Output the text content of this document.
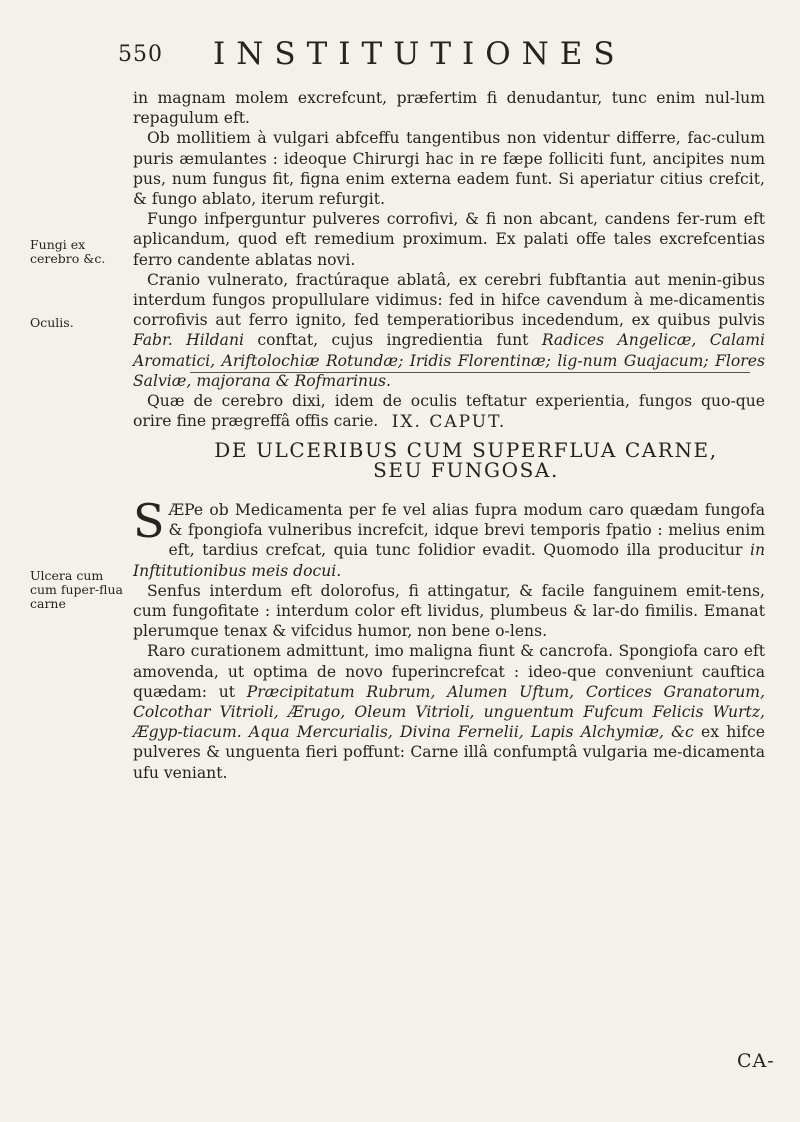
550 INSTITUTIONES

in magnam molem excrefcunt, præfertim fi denudantur, tunc enim nul-lum repagulum eft.

Ob mollitiem à vulgari abfceffu tangentibus non videntur differre, fac-culum puris æmulantes : ideoque Chirurgi hac in re fæpe folliciti funt, ancipites num pus, num fungus fit, figna enim externa eadem funt. Si aperiatur citius crefcit, & fungo ablato, iterum refurgit.

Fungo infperguntur pulveres corrofivi, & fi non abcant, candens fer-rum eft aplicandum, quod eft remedium proximum. Ex palati offe tales excrefcentias ferro candente ablatas novi.

Cranio vulnerato, fractúraque ablatâ, ex cerebri fubftantia aut menin-gibus interdum fungos propullulare vidimus: fed in hifce cavendum à me-dicamentis corrofivis aut ferro ignito, fed temperatioribus incedendum, ex quibus pulvis Fabr. Hildani conftat, cujus ingredientia funt Radices Angelicæ, Calami Aromatici, Ariftolochiæ Rotundæ; Iridis Florentinæ; lig-num Guajacum; Flores Salviæ, majorana & Rofmarinus.

Quæ de cerebro dixi, idem de oculis teftatur experientia, fungos quo-que orire fine prægreffâ offis carie.

Fungi ex cerebro &c.
Oculis.
Ulcera cum cum fuper-flua carne
IX. CAPUT.
DE ULCERIBUS CUM SUPERFLUA CARNE,
SEU FUNGOSA.

S ÆPe ob Medicamenta per fe vel alias fupra modum caro quædam fungofa & fpongiofa vulneribus increfcit, idque brevi temporis fpatio : melius enim eft, tardius crefcat, quia tunc folidior evadit. Quomodo illa producitur in Inftitutionibus meis docui.

Senfus interdum eft dolorofus, fi attingatur, & facile fanguinem emit-tens, cum fungofitate : interdum color eft lividus, plumbeus & lar-do fimilis. Emanat plerumque tenax & vifcidus humor, non bene o-lens.

Raro curationem admittunt, imo maligna fiunt & cancrofa. Spongiofa caro eft amovenda, ut optima de novo fuperincrefcat : ideo-que conveniunt cauftica quædam: ut Præcipitatum Rubrum, Alumen Uftum, Cortices Granatorum, Colcothar Vitrioli, Ærugo, Oleum Vitrioli, unguentum Fufcum Felicis Wurtz, Ægyp-tiacum. Aqua Mercurialis, Divina Fernelii, Lapis Alchymiæ, &c ex hifce pulveres & unguenta fieri poffunt: Carne illâ confumptâ vulgaria me-dicamenta ufu veniant.

CA-
